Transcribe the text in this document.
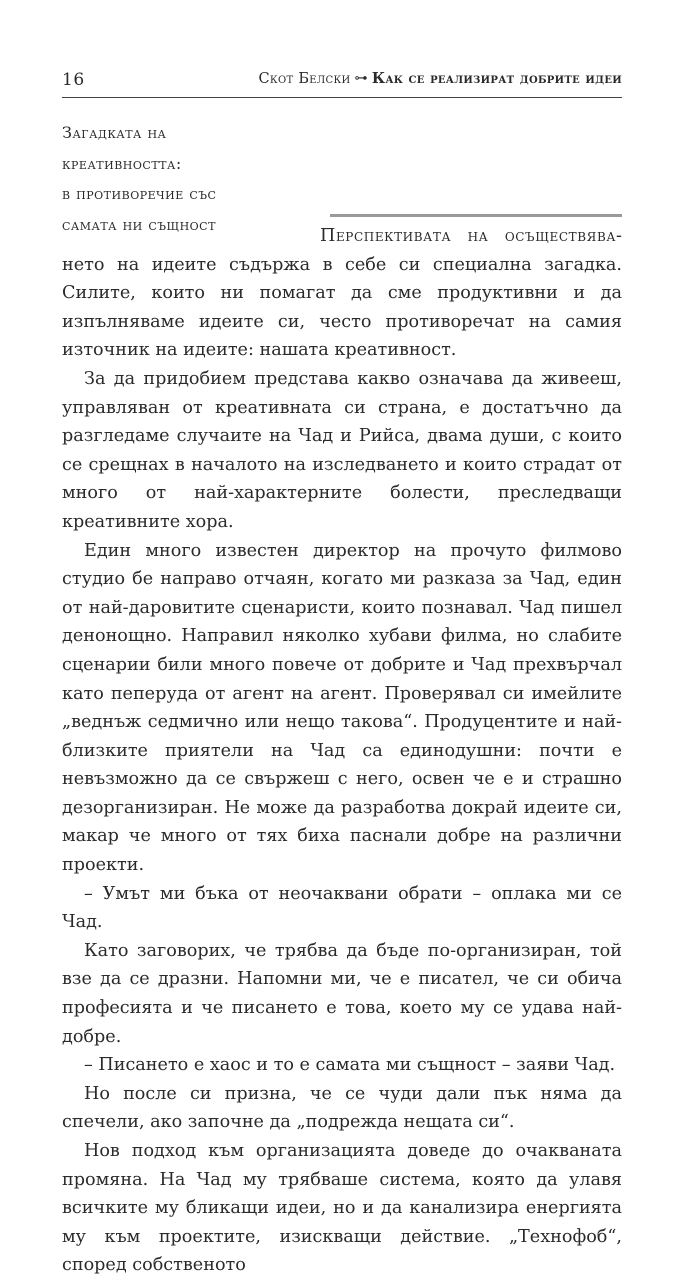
16	Скот Белски ⊶ Как се реализират добрите идеи
Загадката на
креативността:
в противоречие със
самата ни същност

Перспективата на осъществяването на идеите съдържа в себе си специална загадка. Силите, които ни помагат да сме продуктивни и да изпълняваме идеите си, често противоречат на самия източник на идеите: нашата креативност.

За да придобием представа какво означава да живееш, управляван от креативната си страна, е достатъчно да разгледаме случаите на Чад и Рийса, двама души, с които се срещнах в началото на изследването и които страдат от много от най-характерните болести, преследващи креативните хора.

Един много известен директор на прочуто филмово студио бе направо отчаян, когато ми разказа за Чад, един от най-даровитите сценаристи, които познавал. Чад пишел денонощно. Направил няколко хубави филма, но слабите сценарии били много повече от добрите и Чад прехвърчал като пеперуда от агент на агент. Проверявал си имейлите „веднъж седмично или нещо такова“. Продуцентите и най-близките приятели на Чад са единодушни: почти е невъзможно да се свържеш с него, освен че е и страшно дезорганизиран. Не може да разработва докрай идеите си, макар че много от тях биха паснали добре на различни проекти.

– Умът ми бъка от неочаквани обрати – оплака ми се Чад.

Като заговорих, че трябва да бъде по-организиран, той взе да се дразни. Напомни ми, че е писател, че си обича професията и че писането е това, което му се удава най-добре.

– Писането е хаос и то е самата ми същност – заяви Чад.

Но после си призна, че се чуди дали пък няма да спечели, ако започне да „подрежда нещата си“.

Нов подход към организацията доведе до очакваната промяна. На Чад му трябваше система, която да улавя всичките му бликащи идеи, но и да канализира енергията му към проектите, изискващи действие. „Технофоб“, според собственото
